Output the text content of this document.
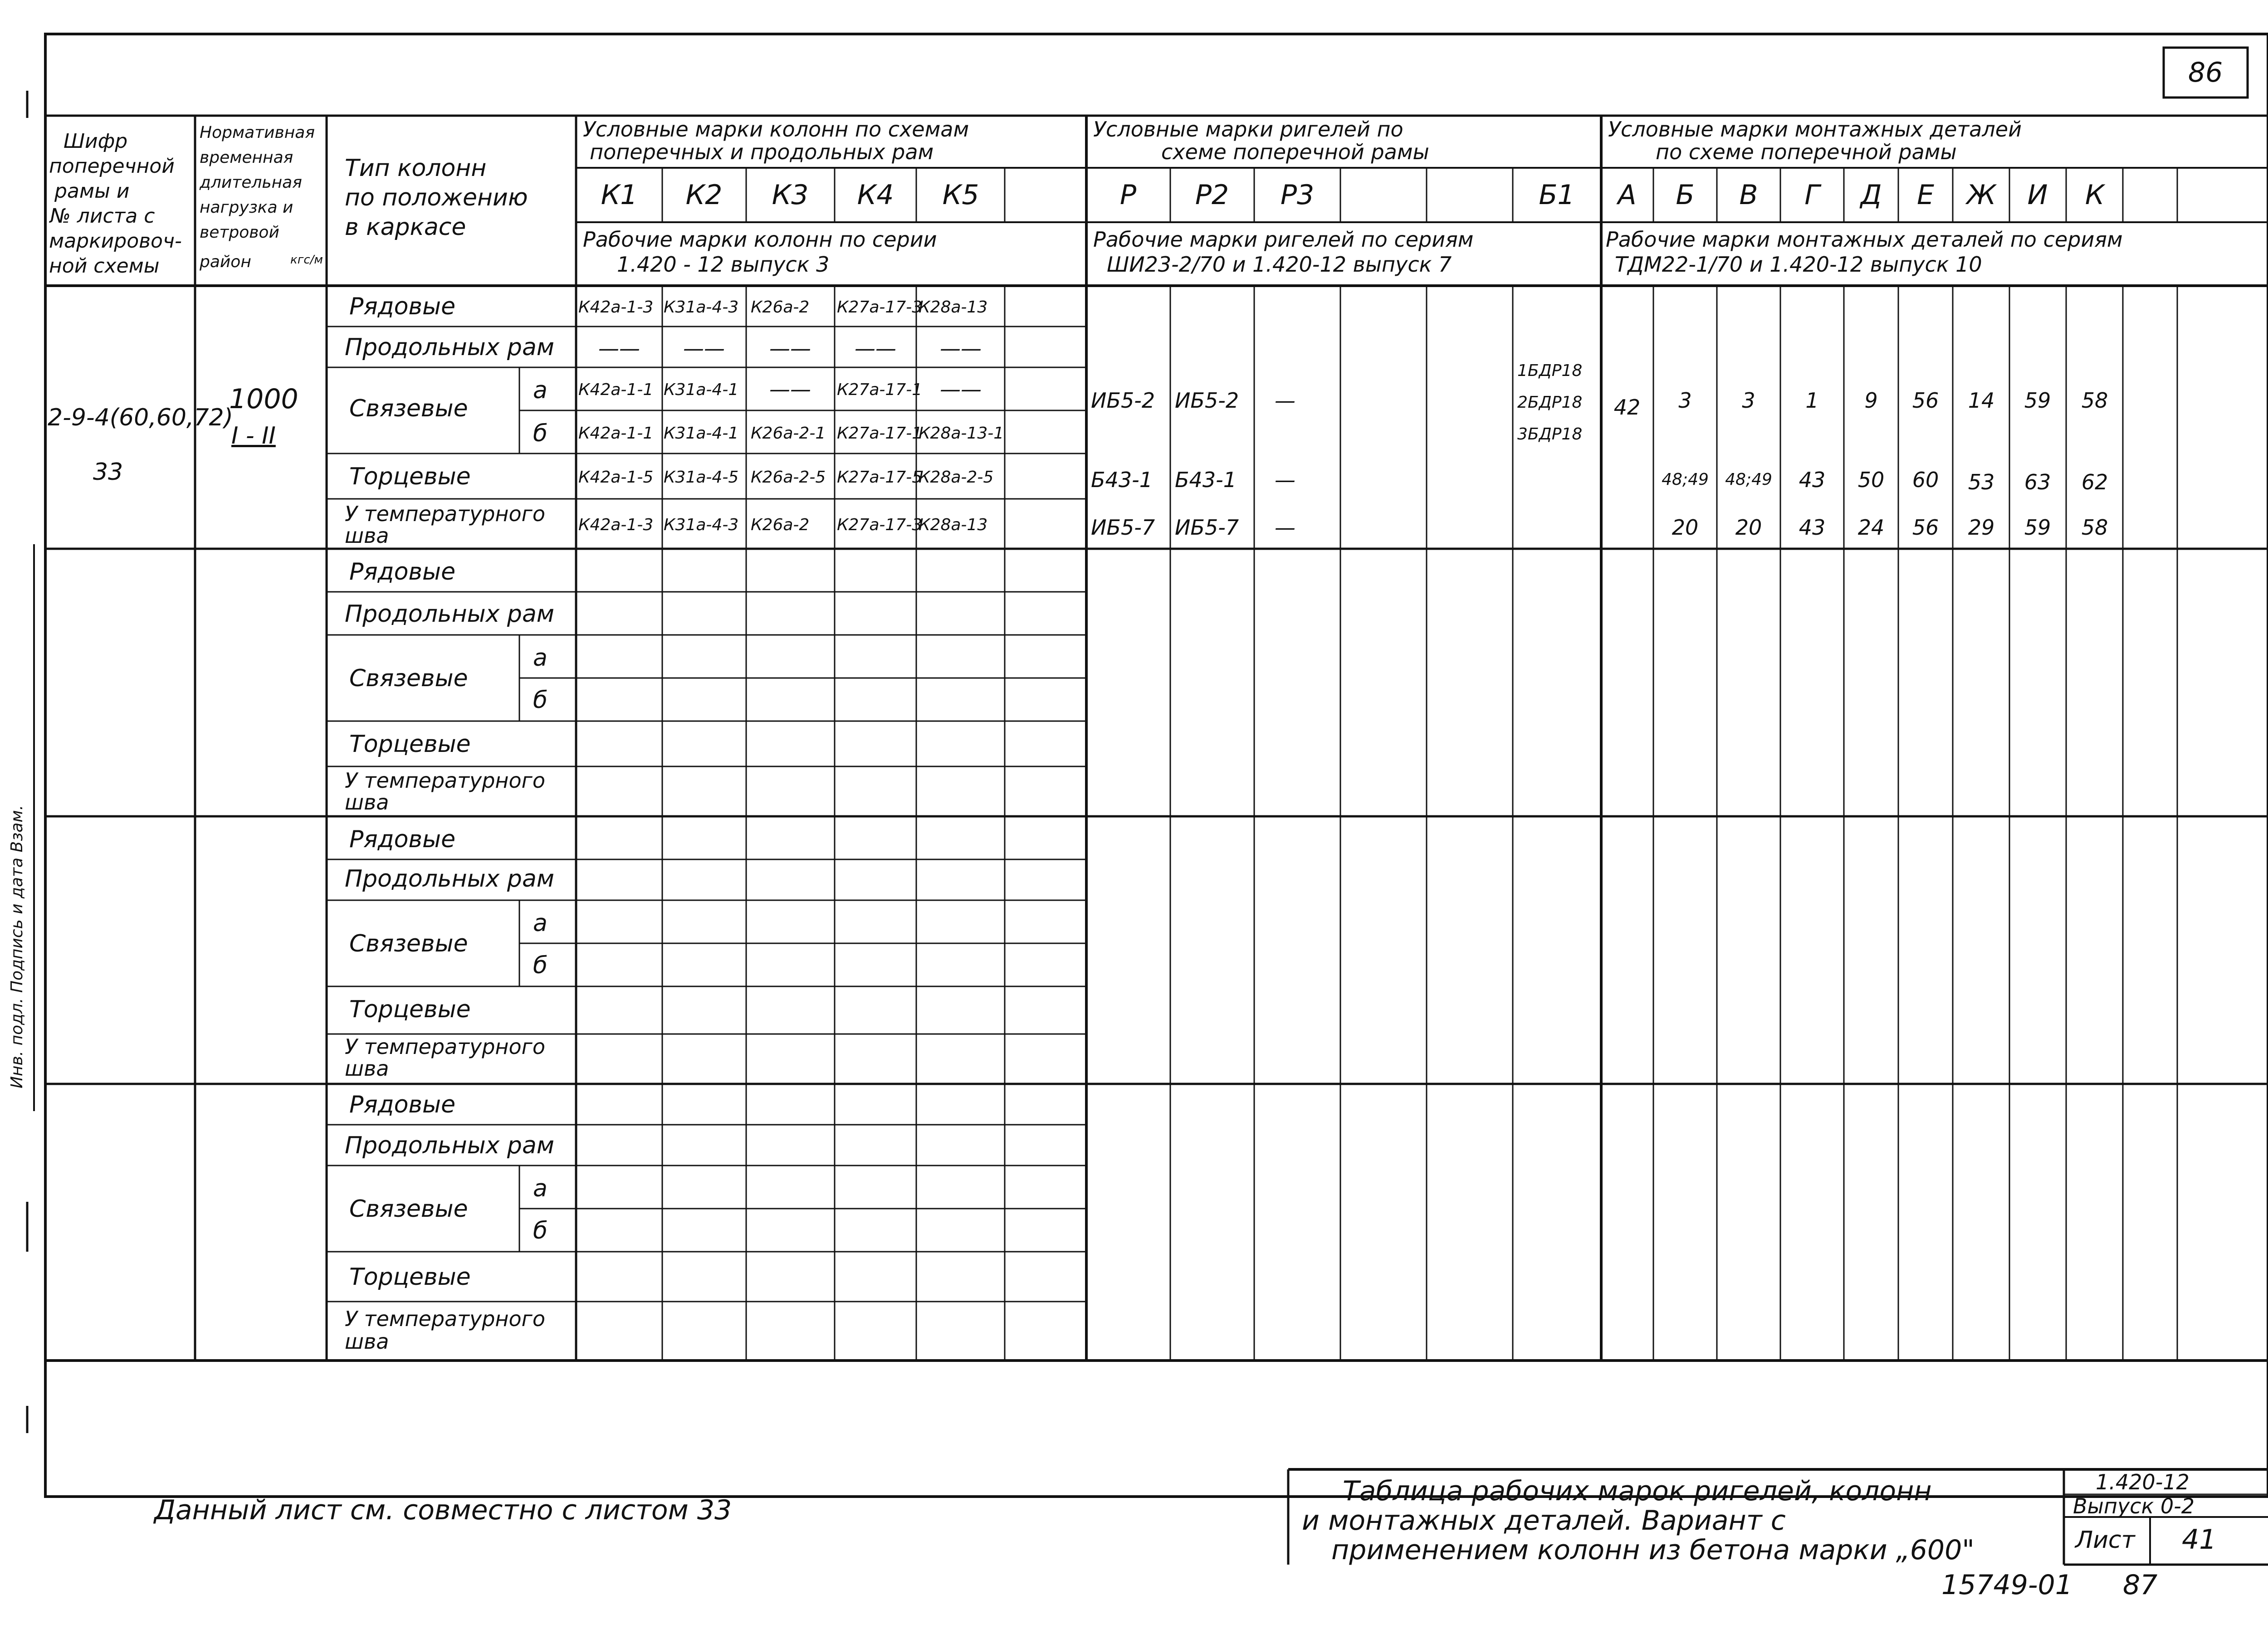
86
Шифр
поперечной
рамы и
№ листа с
маркировоч-
ной схемы
Нормативная
временная
длительная
нагрузка и
ветровой
район	кгс/м
Тип колонн
по положению
в каркасе
Условные марки колонн по схемам
поперечных и продольных рам
К1 К2 К3 К4 К5
Рабочие марки колонн по серии
1.420 - 12 выпуск 3
Условные марки ригелей по
схеме поперечной рамы
Р Р2 Р3	Б1
Рабочие марки ригелей по сериям
ШИ23-2/70 и 1.420-12 выпуск 7
Условные марки монтажных деталей
по схеме поперечной рамы
А Б В Г Д Е Ж И К
Рабочие марки монтажных деталей по сериям
ТДМ22-1/70 и 1.420-12 выпуск 10
Рядовые
Продольных рам
Связевые
а
б
Торцевые
У температурного
шва
Рядовые
Продольных рам
Связевые
а
б
Торцевые
У температурного
шва
Рядовые
Продольных рам
Связевые
а
б
Торцевые
У температурного
шва
Рядовые
Продольных рам
Связевые
а
б
Торцевые
У температурного
шва
2-9-4(60,60,72)
33
1000
I - II
К42а-1-3 К31а-4-3 К26а-2 К27а-17-3
К28а-13
—— —— —— —— ——
К42а-1-1 К31а-4-1 —— К27а-17-1 ——
К42а-1-1 К31а-4-1 К26а-2-1 К27а-17-1
К28а-13-1
К42а-1-5 К31а-4-5 К26а-2-5 К27а-17-5
К28а-2-5
К42а-1-3 К31а-4-3 К26а-2 К27а-17-3
К28а-13
ИБ5-2 ИБ5-2 —
Б43-1 Б43-1 —
ИБ5-7 ИБ5-7 —
1БДР18
2БДР18
3БДР18
42 3 3 1 9 56 14 59 58
48;49 48;49 43 50 60 53 63 62
20 20 43 24 56 29 59 58
Инв. подл. Подпись и дата Взам.
Данный лист см. совместно с листом 33
Таблица рабочих марок ригелей, колонн
и монтажных деталей. Вариант с
применением колонн из бетона марки „600"
1.420-12
Выпуск 0-2
Лист 41
15749-01 87
